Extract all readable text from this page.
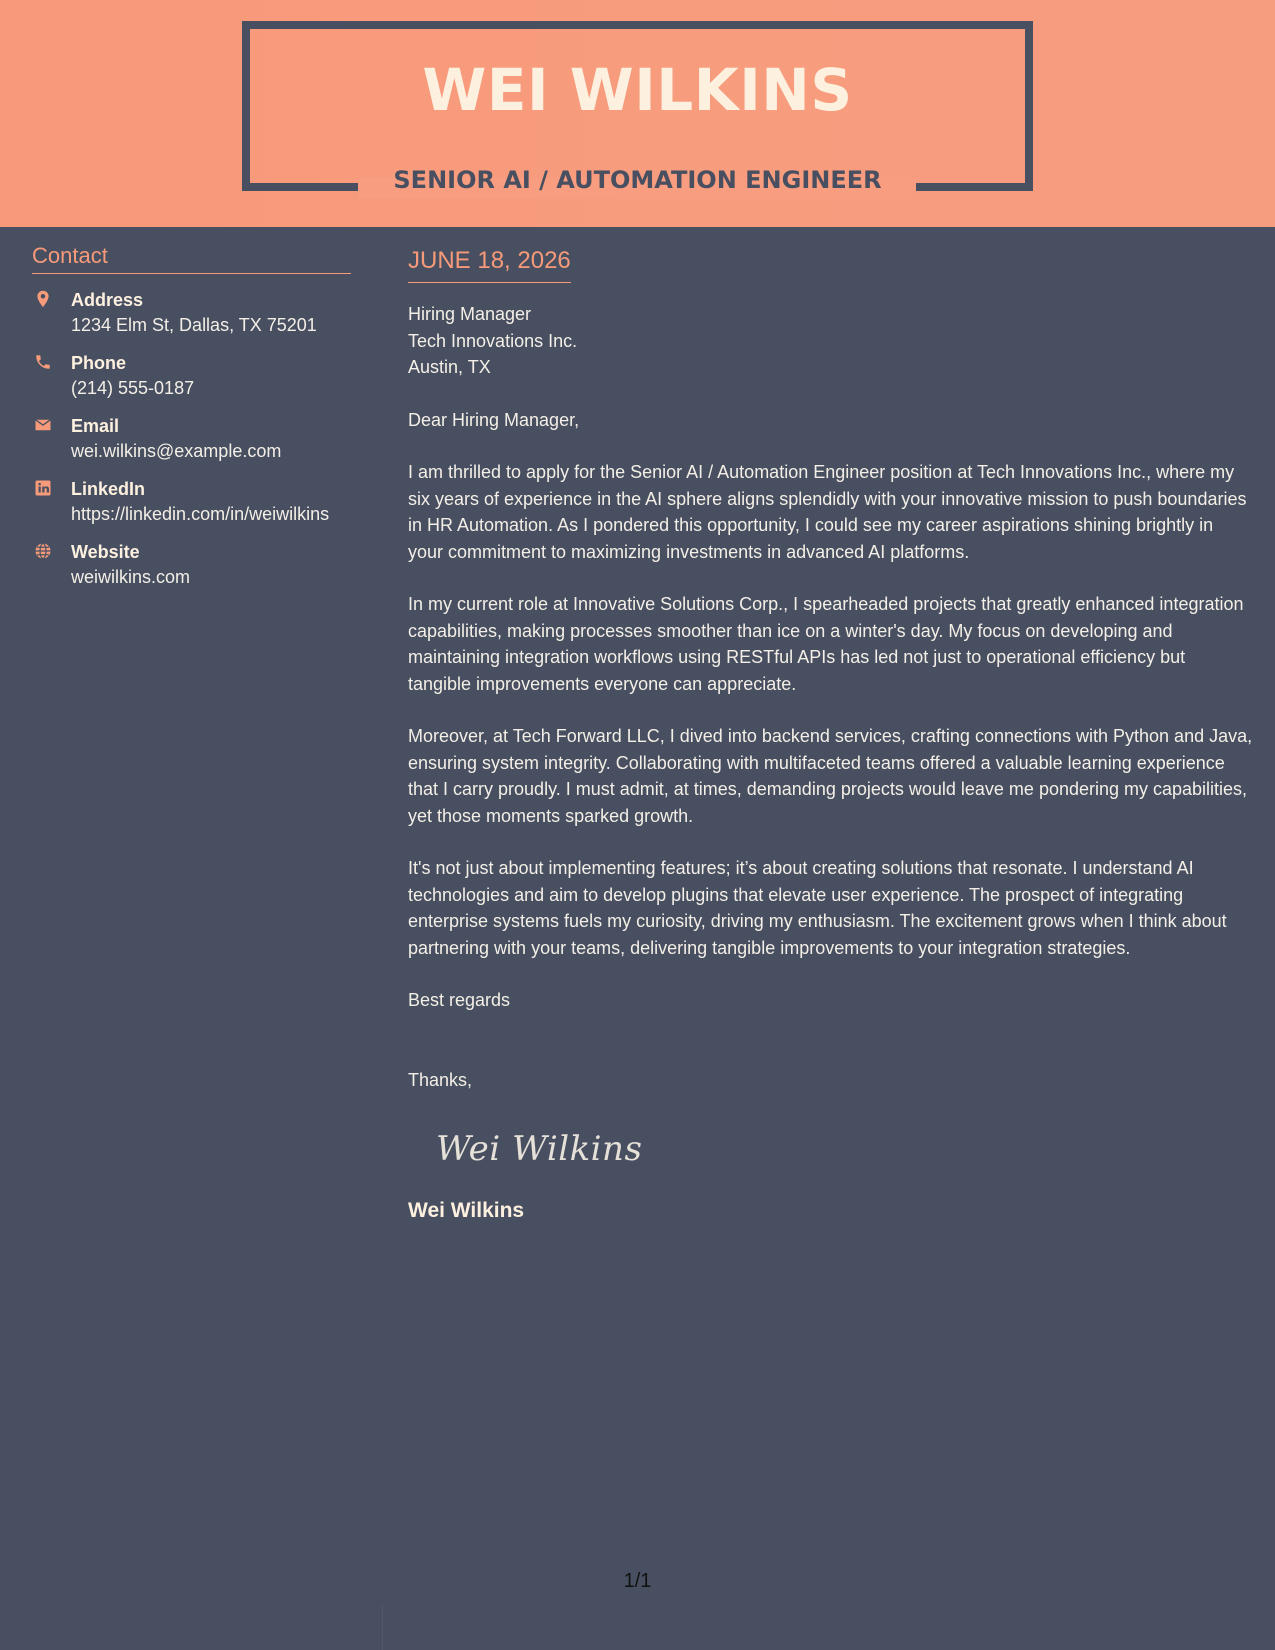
WEI WILKINS
SENIOR AI / AUTOMATION ENGINEER
Contact
Address
1234 Elm St, Dallas, TX 75201
Phone
(214) 555-0187
Email
wei.wilkins@example.com
LinkedIn
https://linkedin.com/in/weiwilkins
Website
weiwilkins.com
JUNE 18, 2026
Hiring Manager
Tech Innovations Inc.
Austin, TX
Dear Hiring Manager,
I am thrilled to apply for the Senior AI / Automation Engineer position at Tech Innovations Inc., where my six years of experience in the AI sphere aligns splendidly with your innovative mission to push boundaries in HR Automation. As I pondered this opportunity, I could see my career aspirations shining brightly in your commitment to maximizing investments in advanced AI platforms.
In my current role at Innovative Solutions Corp., I spearheaded projects that greatly enhanced integration capabilities, making processes smoother than ice on a winter's day. My focus on developing and maintaining integration workflows using RESTful APIs has led not just to operational efficiency but tangible improvements everyone can appreciate.
Moreover, at Tech Forward LLC, I dived into backend services, crafting connections with Python and Java, ensuring system integrity. Collaborating with multifaceted teams offered a valuable learning experience that I carry proudly. I must admit, at times, demanding projects would leave me pondering my capabilities, yet those moments sparked growth.
It's not just about implementing features; it’s about creating solutions that resonate. I understand AI technologies and aim to develop plugins that elevate user experience. The prospect of integrating enterprise systems fuels my curiosity, driving my enthusiasm. The excitement grows when I think about partnering with your teams, delivering tangible improvements to your integration strategies.
Best regards
Thanks,
Wei Wilkins
Wei Wilkins
1/1
